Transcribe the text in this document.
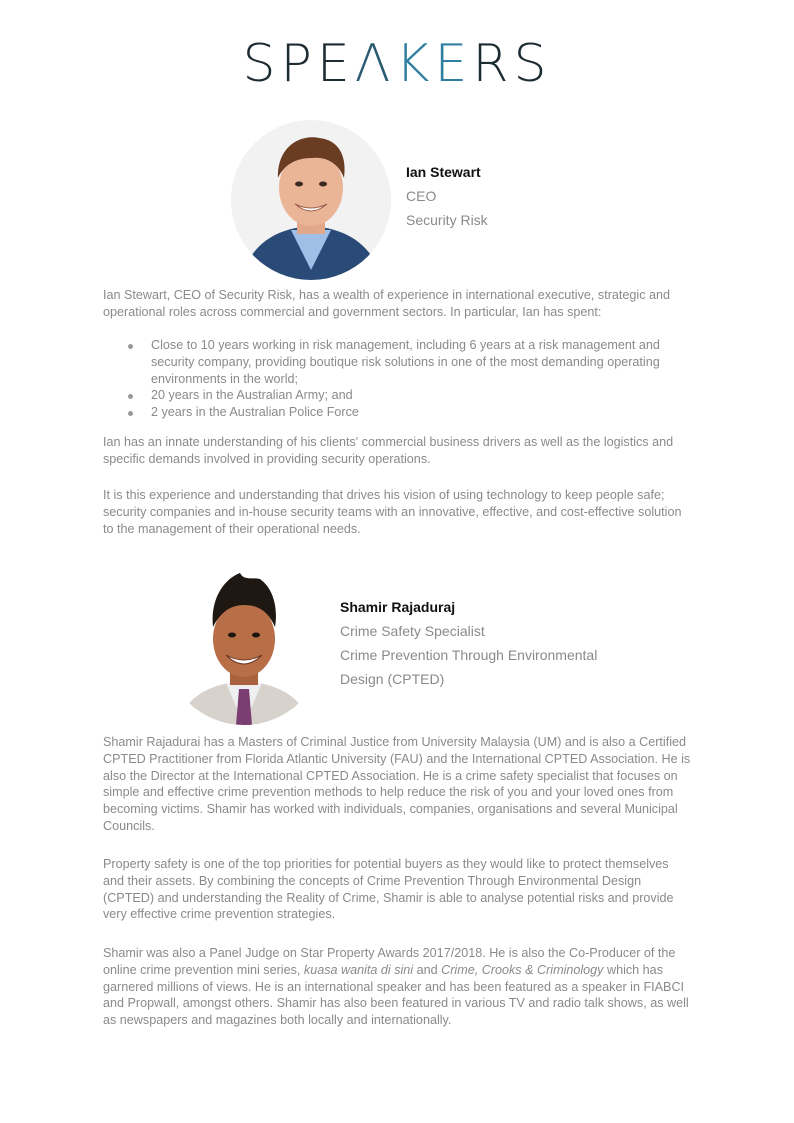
SPEΛKERS
Ian Stewart
CEO
Security Risk

Ian Stewart, CEO of Security Risk, has a wealth of experience in international executive, strategic and operational roles across commercial and government sectors. In particular, Ian has spent:

Close to 10 years working in risk management, including 6 years at a risk management and security company, providing boutique risk solutions in one of the most demanding operating environments in the world;
20 years in the Australian Army; and
2 years in the Australian Police Force

Ian has an innate understanding of his clients' commercial business drivers as well as the logistics and specific demands involved in providing security operations.

It is this experience and understanding that drives his vision of using technology to keep people safe; security companies and in-house security teams with an innovative, effective, and cost-effective solution to the management of their operational needs.

Shamir Rajaduraj
Crime Safety Specialist
Crime Prevention Through Environmental
Design (CPTED)

Shamir Rajadurai has a Masters of Criminal Justice from University Malaysia (UM) and is also a Certified CPTED Practitioner from Florida Atlantic University (FAU) and the International CPTED Association. He is also the Director at the International CPTED Association. He is a crime safety specialist that focuses on simple and effective crime prevention methods to help reduce the risk of you and your loved ones from becoming victims. Shamir has worked with individuals, companies, organisations and several Municipal Councils.

Property safety is one of the top priorities for potential buyers as they would like to protect themselves and their assets. By combining the concepts of Crime Prevention Through Environmental Design (CPTED) and understanding the Reality of Crime, Shamir is able to analyse potential risks and provide very effective crime prevention strategies.

Shamir was also a Panel Judge on Star Property Awards 2017/2018. He is also the Co-Producer of the online crime prevention mini series, kuasa wanita di sini and Crime, Crooks & Criminology which has garnered millions of views. He is an international speaker and has been featured as a speaker in FIABCI and Propwall, amongst others. Shamir has also been featured in various TV and radio talk shows, as well as newspapers and magazines both locally and internationally.
